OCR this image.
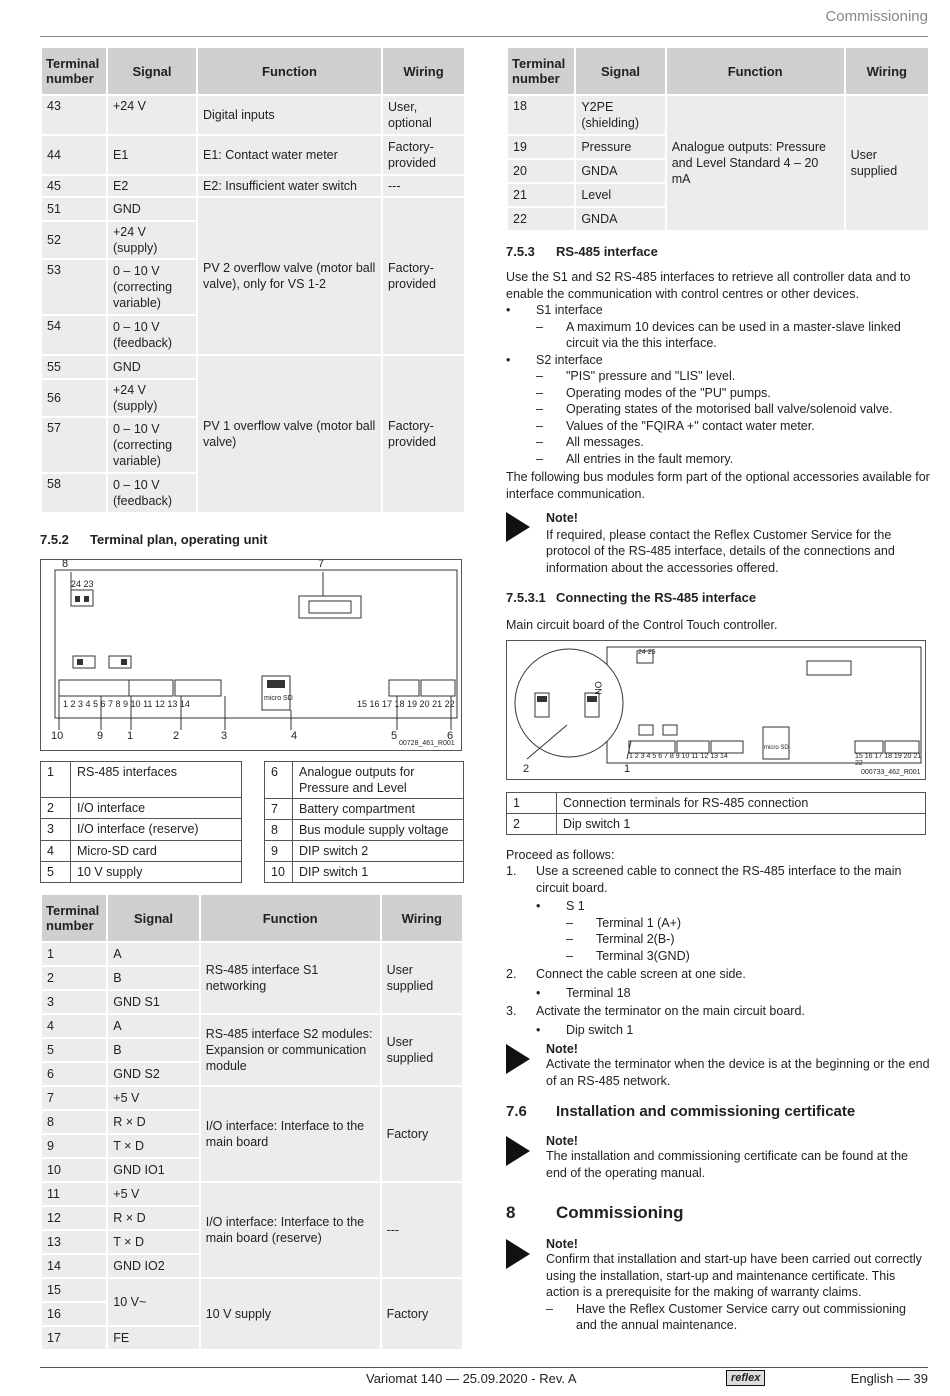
Commissioning
Terminal number	Signal	Function	Wiring
43	+24 V	Digital inputs	User, optional
44	E1	E1: Contact water meter	Factory-provided
45	E2	E2: Insufficient water switch	---
51	GND	PV 2 overflow valve (motor ball valve), only for VS 1-2	Factory-provided
52	+24 V (supply)		
53	0 – 10 V (correcting variable)		
54	0 – 10 V (feedback)		
55	GND	PV 1 overflow valve (motor ball valve)	Factory-provided
56	+24 V (supply)		
57	0 – 10 V (correcting variable)		
58	0 – 10 V (feedback)		
7.5.2 Terminal plan, operating unit
8	7
24 23
1 2 3 4 5 6 7 8 9 10 11 12 13 14	15 16 17 18 19 20 21 22
micro SD
10	9 1	2	3	4	5	6
00728_461_R001
1	RS-485 interfaces
2	I/O interface
3	I/O interface (reserve)
4	Micro-SD card
5	10 V supply
6	Analogue outputs for Pressure and Level
7	Battery compartment
8	Bus module supply voltage
9	DIP switch 2
10	DIP switch 1
Terminal number	Signal	Function	Wiring
1	A	RS-485 interface S1 networking	User supplied
2	B		
3	GND S1		
4	A	RS-485 interface S2 modules: Expansion or communication module	User supplied
5	B		
6	GND S2		
7	+5 V	I/O interface: Interface to the main board	Factory
8	R × D		
9	T × D		
10	GND IO1		
11	+5 V	I/O interface: Interface to the main board (reserve)	---
12	R × D		
13	T × D		
14	GND IO2		
15	10 V~	10 V supply	Factory
16			
17	FE		
Terminal number	Signal	Function	Wiring
18	Y2PE (shielding)	Analogue outputs: Pressure and Level Standard 4 – 20 mA	User supplied
19	Pressure		
20	GNDA		
21	Level		
22	GNDA		
7.5.3 RS-485 interface

Use the S1 and S2 RS-485 interfaces to retrieve all controller data and to enable the communication with control centres or other devices.

•	S1 interface
–	A maximum 10 devices can be used in a master-slave linked circuit via the this interface.
•	S2 interface
–	"PIS" pressure and "LIS" level.
–	Operating modes of the "PU" pumps.
–	Operating states of the motorised ball valve/solenoid valve.
–	Values of the "FQIRA +" contact water meter.
–	All messages.
–	All entries in the fault memory.

The following bus modules form part of the optional accessories available for interface communication.

Note!

If required, please contact the Reflex Customer Service for the protocol of the RS-485 interface, details of the connections and information about the accessories offered.

7.5.3.1 Connecting the RS-485 interface

Main circuit board of the Control Touch controller.

ON
24 25
1 2 3 4 5 6 7 8 9 10 11 12 13 14	15 16 17 18 19 20 21 22
micro SD
2	1	000733_462_R001
1	Connection terminals for RS-485 connection
2	Dip switch 1

Proceed as follows:

1.	Use a screened cable to connect the RS-485 interface to the main circuit board.
•	S 1
–	Terminal 1 (A+)
–	Terminal 2(B-)
–	Terminal 3(GND)
2.	Connect the cable screen at one side.
•	Terminal 18
3.	Activate the terminator on the main circuit board.
•	Dip switch 1
Note!

Activate the terminator when the device is at the beginning or the end of an RS-485 network.

7.6 Installation and commissioning certificate
Note!

The installation and commissioning certificate can be found at the end of the operating manual.

8 Commissioning
Note!

Confirm that installation and start-up have been carried out correctly using the installation, start-up and maintenance certificate. This action is a prerequisite for the making of warranty claims.

–	Have the Reflex Customer Service carry out commissioning and the annual maintenance.
Variomat 140 — 25.09.2020 - Rev. A	reflex	English — 39
